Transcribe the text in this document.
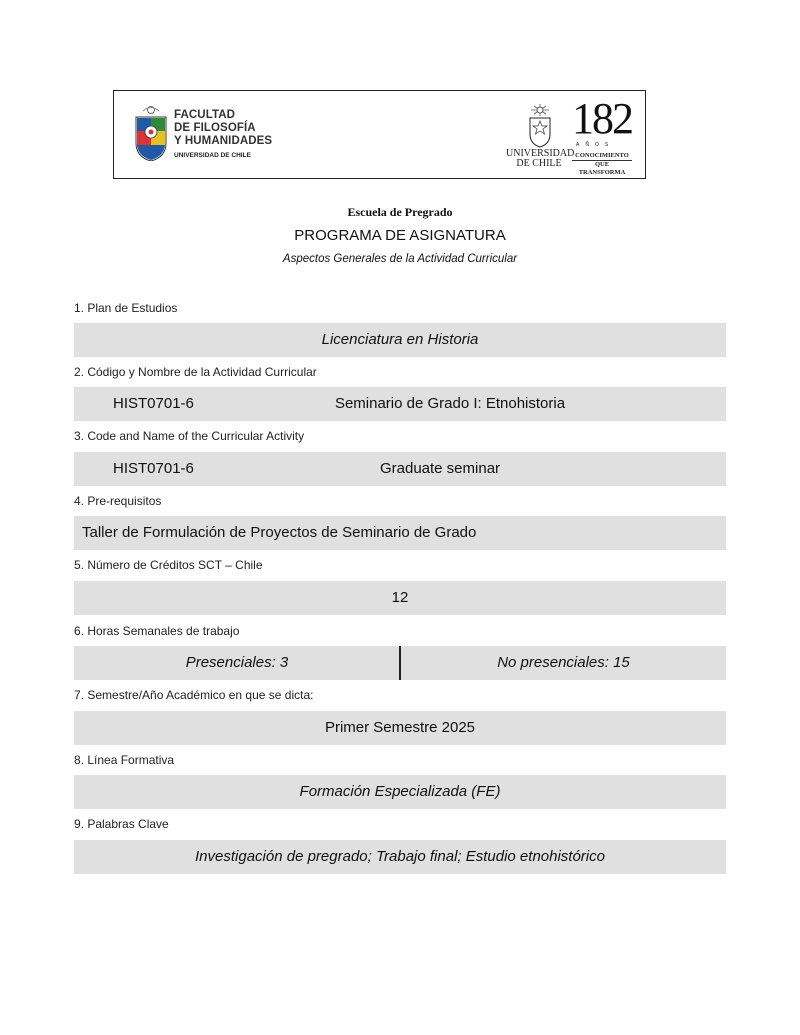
FACULTAD
DE FILOSOFÍA
Y HUMANIDADES
UNIVERSIDAD DE CHILE	UNIVERSIDAD
DE CHILE
182
AÑOS
CONOCIMIENTO
QUE TRANSFORMA
Escuela de Pregrado
PROGRAMA DE ASIGNATURA
Aspectos Generales de la Actividad Curricular
1. Plan de Estudios
Licenciatura en Historia
2. Código y Nombre de la Actividad Curricular
HIST0701-6	Seminario de Grado I: Etnohistoria
3. Code and Name of the Curricular Activity
HIST0701-6	Graduate seminar
4. Pre-requisitos
Taller de Formulación de Proyectos de Seminario de Grado
5. Número de Créditos SCT – Chile
12
6. Horas Semanales de trabajo
Presenciales: 3	No presenciales: 15
7. Semestre/Año Académico en que se dicta:
Primer Semestre 2025
8. Línea Formativa
Formación Especializada (FE)
9. Palabras Clave
Investigación de pregrado; Trabajo final; Estudio etnohistórico
